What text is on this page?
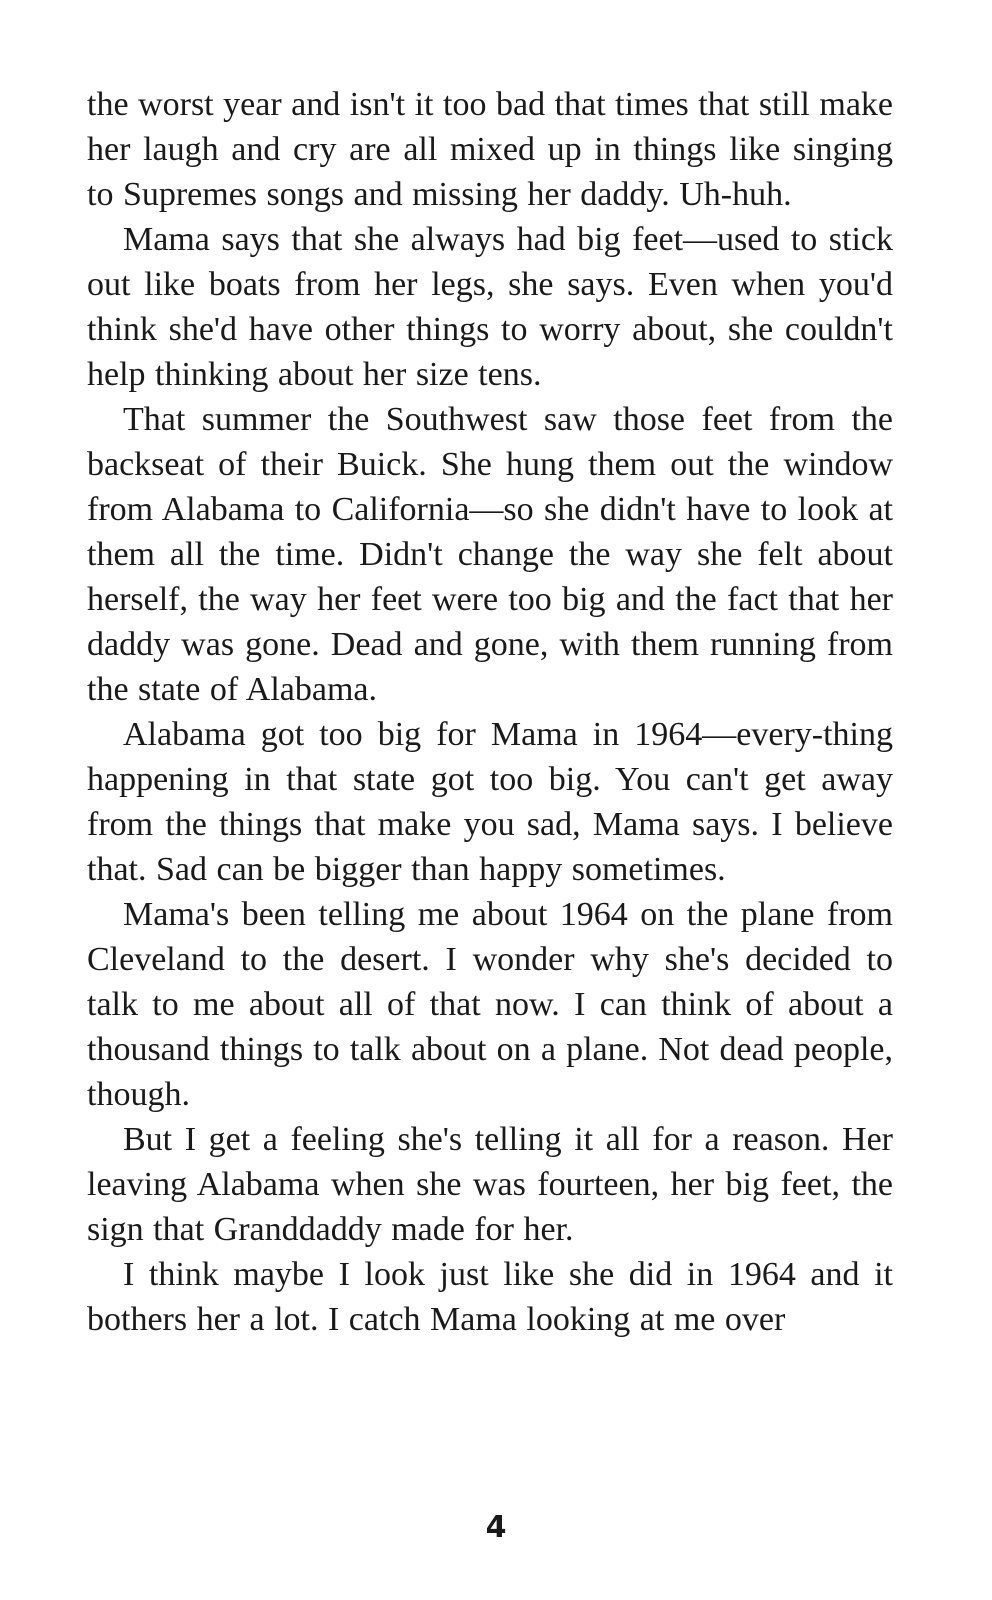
the worst year and isn't it too bad that times that still make her laugh and cry are all mixed up in things like singing to Supremes songs and missing her daddy. Uh-huh.

Mama says that she always had big feet—used to stick out like boats from her legs, she says. Even when you'd think she'd have other things to worry about, she couldn't help thinking about her size tens.

That summer the Southwest saw those feet from the backseat of their Buick. She hung them out the window from Alabama to California—so she didn't have to look at them all the time. Didn't change the way she felt about herself, the way her feet were too big and the fact that her daddy was gone. Dead and gone, with them running from the state of Alabama.

Alabama got too big for Mama in 1964—every-thing happening in that state got too big. You can't get away from the things that make you sad, Mama says. I believe that. Sad can be bigger than happy sometimes.

Mama's been telling me about 1964 on the plane from Cleveland to the desert. I wonder why she's decided to talk to me about all of that now. I can think of about a thousand things to talk about on a plane. Not dead people, though.

But I get a feeling she's telling it all for a reason. Her leaving Alabama when she was fourteen, her big feet, the sign that Granddaddy made for her.

I think maybe I look just like she did in 1964 and it bothers her a lot. I catch Mama looking at me over

4
